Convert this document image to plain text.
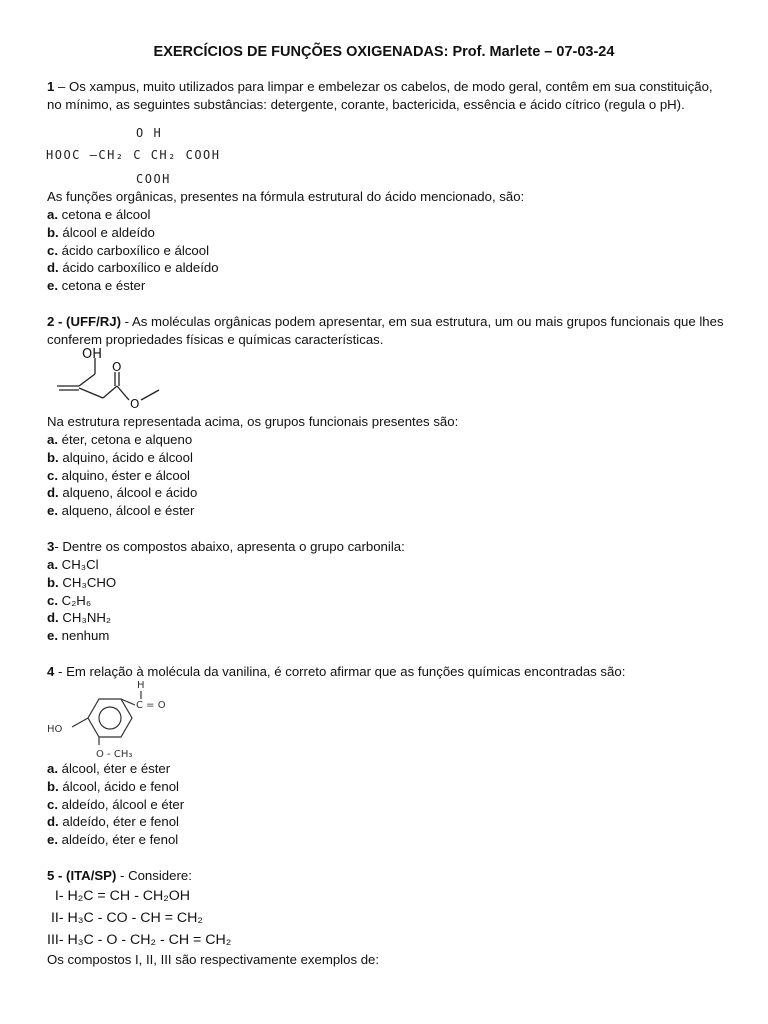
EXERCÍCIOS DE FUNÇÕES OXIGENADAS: Prof. Marlete – 07-03-24

1 – Os xampus, muito utilizados para limpar e embelezar os cabelos, de modo geral, contêm em sua constituição, no mínimo, as seguintes substâncias: detergente, corante, bactericida, essência e ácido cítrico (regula o pH).

O H
HOOC –CH₂ C CH₂ COOH
COOH

As funções orgânicas, presentes na fórmula estrutural do ácido mencionado, são:

a. cetona e álcool
b. álcool e aldeído
c. ácido carboxílico e álcool
d. ácido carboxílico e aldeído
e. cetona e éster

2 - (UFF/RJ) - As moléculas orgânicas podem apresentar, em sua estrutura, um ou mais grupos funcionais que lhes conferem propriedades físicas e químicas características.

OH
O
O

Na estrutura representada acima, os grupos funcionais presentes são:

a. éter, cetona e alqueno
b. alquino, ácido e álcool
c. alquino, éster e álcool
d. alqueno, álcool e ácido
e. alqueno, álcool e éster

3- Dentre os compostos abaixo, apresenta o grupo carbonila:

a. CH₃Cl
b. CH₃CHO
c. C₂H₆
d. CH₃NH₂
e. nenhum

4 - Em relação à molécula da vanilina, é correto afirmar que as funções químicas encontradas são:

H
C = O
HO
O - CH₃
a. álcool, éter e éster
b. álcool, ácido e fenol
c. aldeído, álcool e éter
d. aldeído, éter e fenol
e. aldeído, éter e fenol

5 - (ITA/SP) - Considere:

I- H₂C = CH - CH₂OH
II- H₃C - CO - CH = CH₂
III- H₃C - O - CH₂ - CH = CH₂

Os compostos I, II, III são respectivamente exemplos de:
